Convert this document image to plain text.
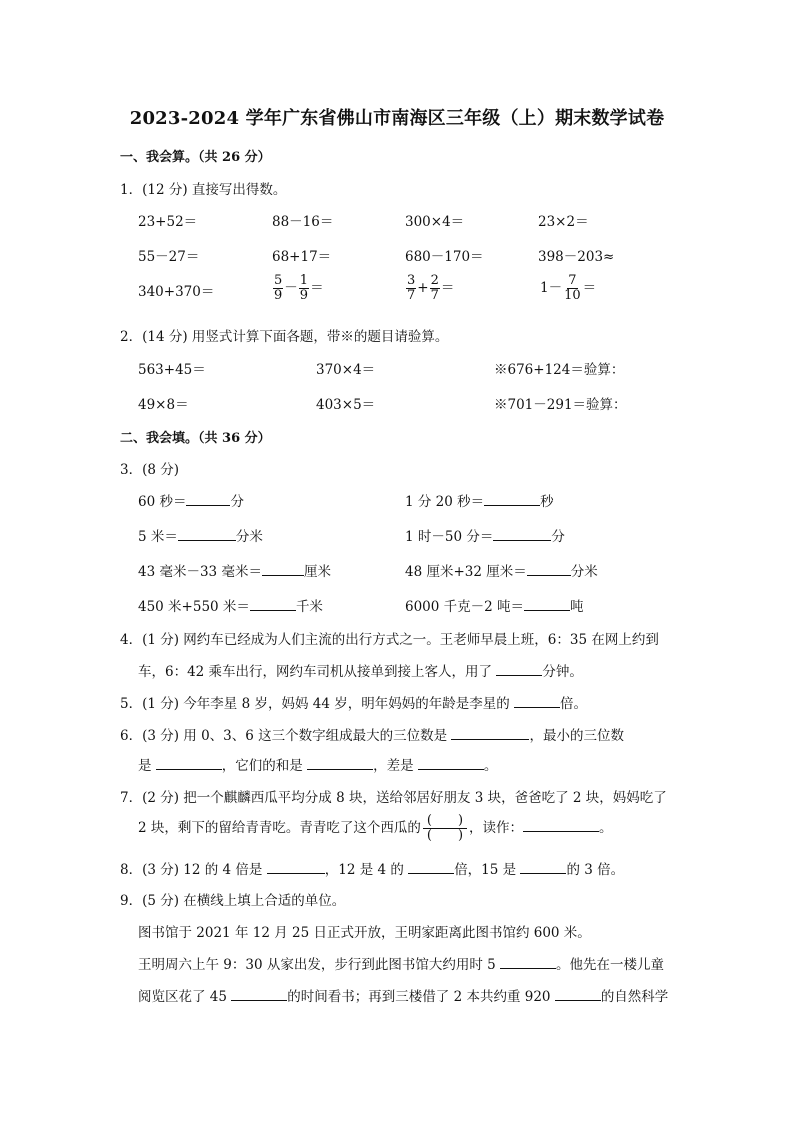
2023-2024 学年广东省佛山市南海区三年级（上）期末数学试卷
一、我会算。（共 26 分）
1．(12 分) 直接写出得数。
23+52＝	88－16＝	300×4＝	23×2＝
55－27＝	68+17＝	680－170＝	398－203≈
340+370＝	$\frac{5}{9} - \frac{1}{9}$ ＝	$\frac{3}{7} + \frac{2}{7}$ ＝	$1- \frac{7}{10}$ ＝
2．(14 分) 用竖式计算下面各题，带※的题目请验算。
563+45＝	370×4＝	※676+124＝验算：
49×8＝	403×5＝	※701－291＝验算：
二、我会填。（共 36 分）
3．(8 分)
60 秒＝	分	1 分 20 秒＝	秒
5 米＝	分米	1 时－50 分＝	分
43 毫米－33 毫米＝	厘米	48 厘米+32 厘米＝	分米
450 米+550 米＝	千米	6000 千克－2 吨＝	吨
4．(1 分) 网约车已经成为人们主流的出行方式之一。王老师早晨上班，6：35 在网上约到
车，6：42 乘车出行，网约车司机从接单到接上客人，用了	分钟。
5．(1 分) 今年李星 8 岁，妈妈 44 岁，明年妈妈的年龄是李星的	倍。
6．(3 分) 用 0、3、6 这三个数字组成最大的三位数是	，最小的三位数
是	，它们的和是	，差是	。
7．(2 分) 把一个麒麟西瓜平均分成 8 块，送给邻居好朋友 3 块，爸爸吃了 2 块，妈妈吃了
2 块，剩下的留给青青吃。青青吃了这个西瓜的 $\frac{( )}{( )}$ ，读作：	。
8．(3 分) 12 的 4 倍是	，12 是 4 的	倍，15 是	的 3 倍。
9．(5 分) 在横线上填上合适的单位。
图书馆于 2021 年 12 月 25 日正式开放，王明家距离此图书馆约 600 米。
王明周六上午 9：30 从家出发，步行到此图书馆大约用时 5	。他先在一楼儿童
阅览区花了 45	的时间看书；再到三楼借了 2 本共约重 920	的自然科学
